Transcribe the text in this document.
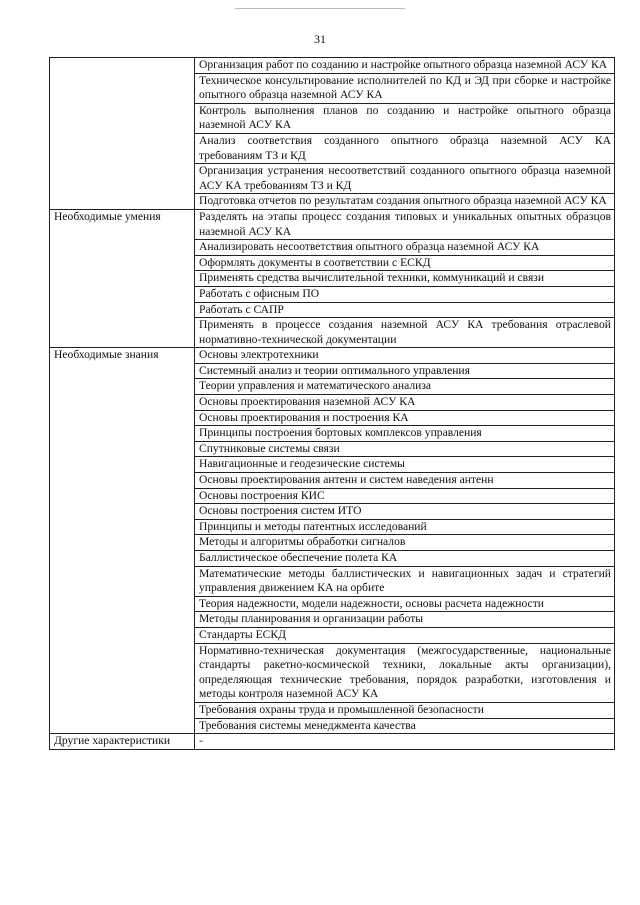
31
	Организация работ по созданию и настройке опытного образца наземной АСУ КА
	Техническое консультирование исполнителей по КД и ЭД при сборке и настройке опытного образца наземной АСУ КА
	Контроль выполнения планов по созданию и настройке опытного образца наземной АСУ КА
	Анализ соответствия созданного опытного образца наземной АСУ КА требованиям ТЗ и КД
	Организация устранения несоответствий созданного опытного образца наземной АСУ КА требованиям ТЗ и КД
	Подготовка отчетов по результатам создания опытного образца наземной АСУ КА
Необходимые умения	Разделять на этапы процесс создания типовых и уникальных опытных образцов наземной АСУ КА
	Анализировать несоответствия опытного образца наземной АСУ КА
	Оформлять документы в соответствии с ЕСКД
	Применять средства вычислительной техники, коммуникаций и связи
	Работать с офисным ПО
	Работать с САПР
	Применять в процессе создания наземной АСУ КА требования отраслевой нормативно-технической документации
Необходимые знания	Основы электротехники
	Системный анализ и теории оптимального управления
	Теории управления и математического анализа
	Основы проектирования наземной АСУ КА
	Основы проектирования и построения КА
	Принципы построения бортовых комплексов управления
	Спутниковые системы связи
	Навигационные и геодезические системы
	Основы проектирования антенн и систем наведения антенн
	Основы построения КИС
	Основы построения систем ИТО
	Принципы и методы патентных исследований
	Методы и алгоритмы обработки сигналов
	Баллистическое обеспечение полета КА
	Математические методы баллистических и навигационных задач и стратегий управления движением КА на орбите
	Теория надежности, модели надежности, основы расчета надежности
	Методы планирования и организации работы
	Стандарты ЕСКД
	Нормативно-техническая документация (межгосударственные, национальные стандарты ракетно-космической техники, локальные акты организации), определяющая технические требования, порядок разработки, изготовления и методы контроля наземной АСУ КА
	Требования охраны труда и промышленной безопасности
	Требования системы менеджмента качества
Другие характеристики	-
